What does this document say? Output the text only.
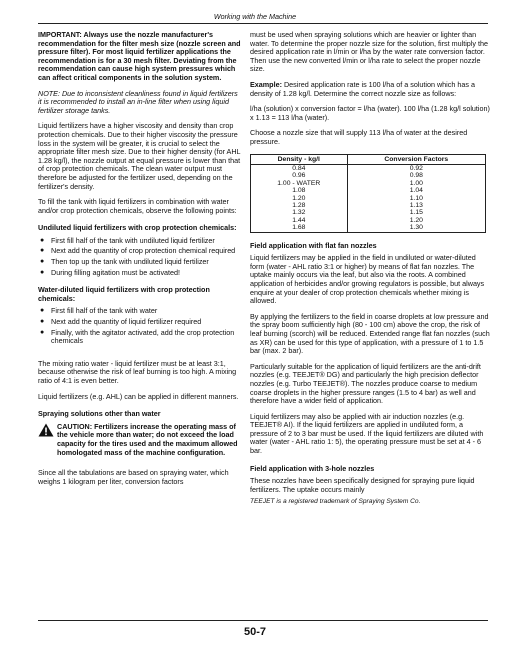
Working with the Machine

IMPORTANT: Always use the nozzle manufacturer's recommendation for the filter mesh size (nozzle screen and pressure filter). For most liquid fertilizer applications the recommendation is for a 30 mesh filter. Deviating from the recommendation can cause high system pressures which can affect critical components in the solution system.

NOTE: Due to inconsistent cleanliness found in liquid fertilizers it is recommended to install an in-line filter when using liquid fertilizer storage tanks.

Liquid fertilizers have a higher viscosity and density than crop protection chemicals. Due to their higher viscosity the pressure loss in the system will be greater, it is crucial to select the appropriate filter mesh size. Due to their higher density (for AHL 1.28 kg/l), the nozzle output at equal pressure is lower than that of crop protection chemicals. The clean water output must therefore be adjusted for the fertilizer used, depending on the fertilizer's density.

To fill the tank with liquid fertilizers in combination with water and/or crop protection chemicals, observe the following points:

Undiluted liquid fertilizers with crop protection chemicals:
● First fill half of the tank with undiluted liquid fertilizer
● Next add the quantity of crop protection chemical required
● Then top up the tank with undiluted liquid fertilizer
● During filling agitation must be activated!
Water-diluted liquid fertilizers with crop protection chemicals:
● First fill half of the tank with water
● Next add the quantity of liquid fertilizer required
● Finally, with the agitator activated, add the crop protection chemicals

The mixing ratio water - liquid fertilizer must be at least 3:1, because otherwise the risk of leaf burning is too high. A mixing ratio of 4:1 is even better.

Liquid fertilizers (e.g. AHL) can be applied in different manners.

Spraying solutions other than water
CAUTION: Fertilizers increase the operating mass of the vehicle more than water; do not exceed the load capacity for the tires used and the maximum allowed homologated mass of the machine configuration.

Since all the tabulations are based on spraying water, which weighs 1 kilogram per liter, conversion factors

must be used when spraying solutions which are heavier or lighter than water. To determine the proper nozzle size for the solution, first multiply the desired application rate in l/min or l/ha by the water rate conversion factor. Then use the new converted l/min or l/ha rate to select the proper nozzle size.

Example: Desired application rate is 100 l/ha of a solution which has a density of 1.28 kg/l. Determine the correct nozzle size as follows:

l/ha (solution) x conversion factor = l/ha (water). 100 l/ha (1.28 kg/l solution) x 1.13 = 113 l/ha (water).

Choose a nozzle size that will supply 113 l/ha of water at the desired pressure.

Density - kg/l	Conversion Factors
0.84	0.92
0.96	0.98
1.00 - WATER	1.00
1.08	1.04
1.20	1.10
1.28	1.13
1.32	1.15
1.44	1.20
1.68	1.30
Field application with flat fan nozzles

Liquid fertilizers may be applied in the field in undiluted or water-diluted form (water - AHL ratio 3:1 or higher) by means of flat fan nozzles. The uptake mainly occurs via the leaf, but also via the roots. A combined application of herbicides and/or growing regulators is possible, but always enquire at your dealer of crop protection chemicals whether mixing is allowed.

By applying the fertilizers to the field in coarse droplets at low pressure and the spray boom sufficiently high (80 - 100 cm) above the crop, the risk of leaf burning (scorch) will be reduced. Extended range flat fan nozzles (such as XR) can be used for this type of application, with a pressure of 1 to 1.5 bar (max. 2 bar).

Particularly suitable for the application of liquid fertilizers are the anti-drift nozzles (e.g. TEEJET® DG) and particularly the high precision deflector nozzles (e.g. Turbo TEEJET®). The nozzles produce coarse to medium coarse droplets in the higher pressure ranges (1.5 to 4 bar) as well and therefore have a wider field of application.

Liquid fertilizers may also be applied with air induction nozzles (e.g. TEEJET® AI). If the liquid fertilizers are applied in undiluted form, a pressure of 2 to 3 bar must be used. If the liquid fertilizers are diluted with water (water - AHL ratio 1: 5), the operating pressure must be set at 4 - 6 bar.

Field application with 3-hole nozzles

These nozzles have been specifically designed for spraying pure liquid fertilizers. The uptake occurs mainly

TEEJET is a registered trademark of Spraying System Co.
50-7
